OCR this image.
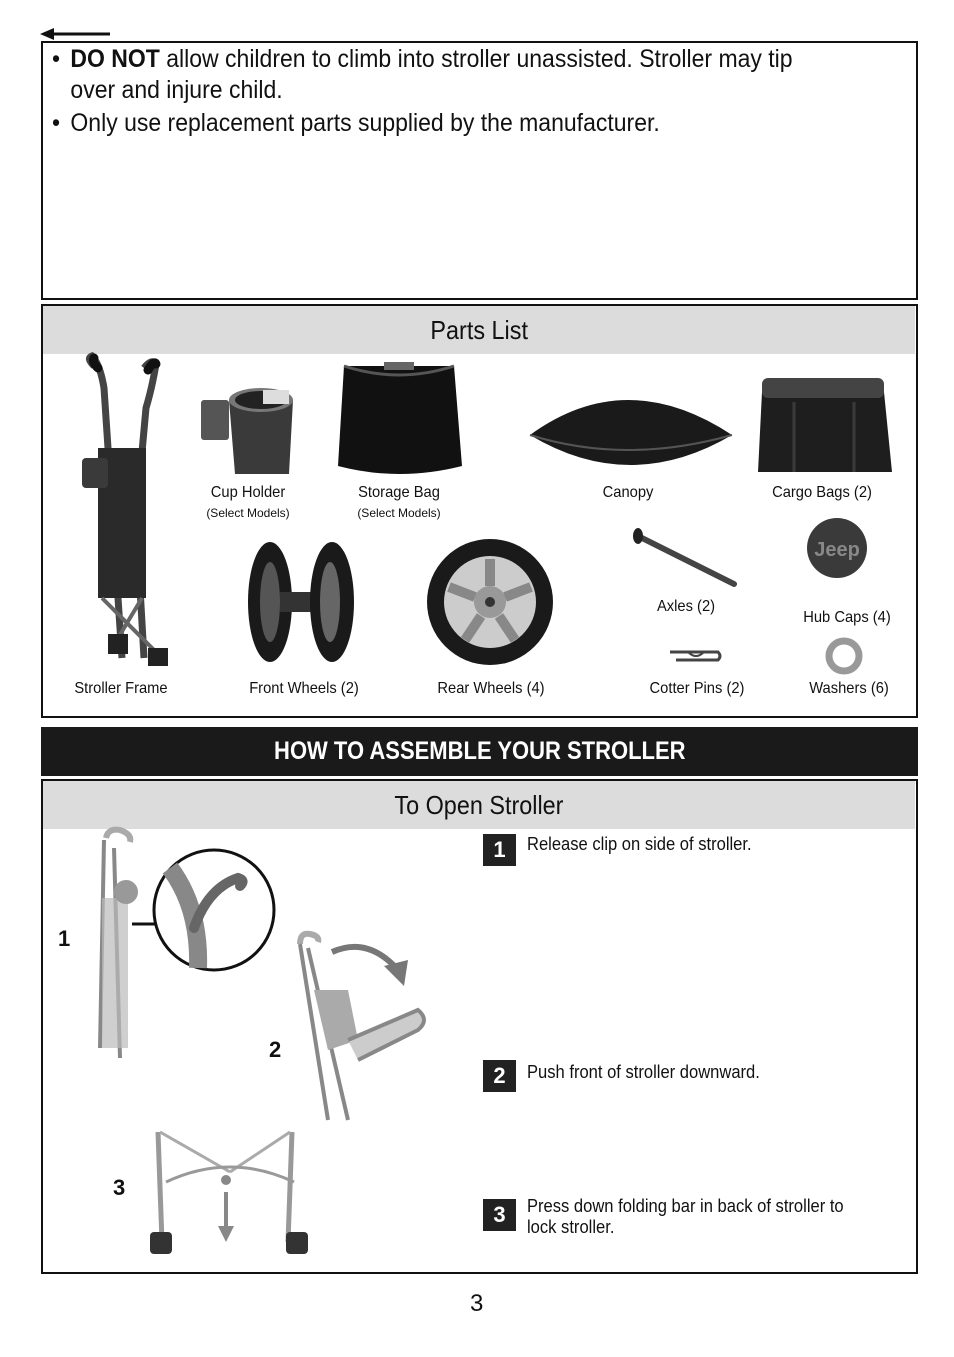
• DO NOT allow children to climb into stroller unassisted. Stroller may tip over and injure child.
• Only use replacement parts supplied by the manufacturer.
Parts List
Cup Holder
(Select Models)
Storage Bag
(Select Models)
Canopy	Cargo Bags (2)
Front Wheels (2)	Rear Wheels (4)
Axles (2)
Jeep
Hub Caps (4)
Cotter Pins (2)	Washers (6)
Stroller Frame
HOW TO ASSEMBLE YOUR STROLLER
To Open Stroller
1
2
3
1	Release clip on side of stroller.
2	Push front of stroller downward.
3	Press down folding bar in back of stroller to lock stroller.
3
